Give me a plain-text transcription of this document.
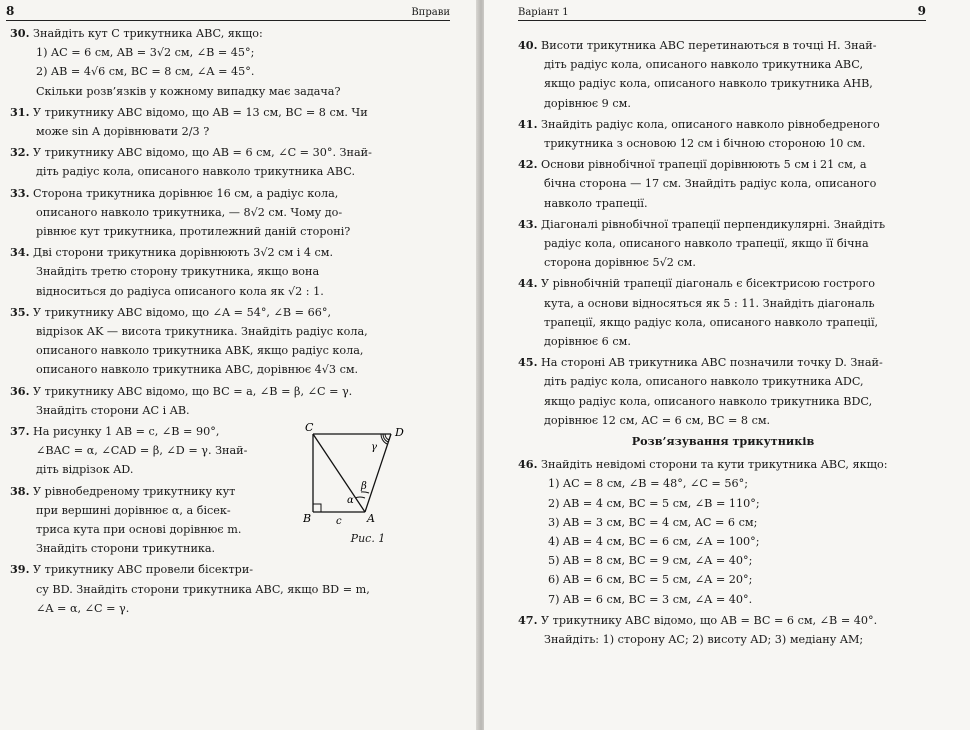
8	Вправи
30. Знайдіть кут C трикутника ABC, якщо:
1) AC = 6 см, AB = 3√2 см, ∠B = 45°;
2) AB = 4√6 см, BC = 8 см, ∠A = 45°.
Скільки розв’язків у кожному випадку має задача?
31. У трикутнику ABC відомо, що AB = 13 см, BC = 8 см. Чи
може sin A дорівнювати 2/3 ?
32. У трикутнику ABC відомо, що AB = 6 см, ∠C = 30°. Знай-
діть радіус кола, описаного навколо трикутника ABC.
33. Сторона трикутника дорівнює 16 см, а радіус кола,
описаного навколо трикутника, — 8√2 см. Чому до-
рівнює кут трикутника, протилежний даній стороні?
34. Дві сторони трикутника дорівнюють 3√2 см і 4 см.
Знайдіть третю сторону трикутника, якщо вона
відноситься до радіуса описаного кола як √2 : 1.
35. У трикутнику ABC відомо, що ∠A = 54°, ∠B = 66°,
відрізок AK — висота трикутника. Знайдіть радіус кола,
описаного навколо трикутника ABK, якщо радіус кола,
описаного навколо трикутника ABC, дорівнює 4√3 см.
36. У трикутнику ABC відомо, що BC = a, ∠B = β, ∠C = γ.
Знайдіть сторони AC і AB.
37. На рисунку 1 AB = c, ∠B = 90°,
∠BAC = α, ∠CAD = β, ∠D = γ. Знай-
діть відрізок AD.
38. У рівнобедреному трикутнику кут
при вершині дорівнює α, а бісек-
триса кута при основі дорівнює m.
Знайдіть сторони трикутника.
C	D
B	A
c
α
β
γ
Рис. 1
39. У трикутнику ABC провели бісектри-
су BD. Знайдіть сторони трикутника ABC, якщо BD = m,
∠A = α, ∠C = γ.
Варіант 1	9
40. Висоти трикутника ABC перетинаються в точці H. Знай-
діть радіус кола, описаного навколо трикутника ABC,
якщо радіус кола, описаного навколо трикутника AHB,
дорівнює 9 см.
41. Знайдіть радіус кола, описаного навколо рівнобедреного
трикутника з основою 12 см і бічною стороною 10 см.
42. Основи рівнобічної трапеції дорівнюють 5 см і 21 см, а
бічна сторона — 17 см. Знайдіть радіус кола, описаного
навколо трапеції.
43. Діагоналі рівнобічної трапеції перпендикулярні. Знайдіть
радіус кола, описаного навколо трапеції, якщо її бічна
сторона дорівнює 5√2 см.
44. У рівнобічній трапеції діагональ є бісектрисою гострого
кута, а основи відносяться як 5 : 11. Знайдіть діагональ
трапеції, якщо радіус кола, описаного навколо трапеції,
дорівнює 6 см.
45. На стороні AB трикутника ABC позначили точку D. Знай-
діть радіус кола, описаного навколо трикутника ADC,
якщо радіус кола, описаного навколо трикутника BDC,
дорівнює 12 см, AC = 6 см, BC = 8 см.
Розв’язування трикутників
46. Знайдіть невідомі сторони та кути трикутника ABC, якщо:
1) AC = 8 см, ∠B = 48°, ∠C = 56°;
2) AB = 4 см, BC = 5 см, ∠B = 110°;
3) AB = 3 см, BC = 4 см, AC = 6 см;
4) AB = 4 см, BC = 6 см, ∠A = 100°;
5) AB = 8 см, BC = 9 см, ∠A = 40°;
6) AB = 6 см, BC = 5 см, ∠A = 20°;
7) AB = 6 см, BC = 3 см, ∠A = 40°.
47. У трикутнику ABC відомо, що AB = BC = 6 см, ∠B = 40°.
Знайдіть: 1) сторону AC; 2) висоту AD; 3) медіану AM;
